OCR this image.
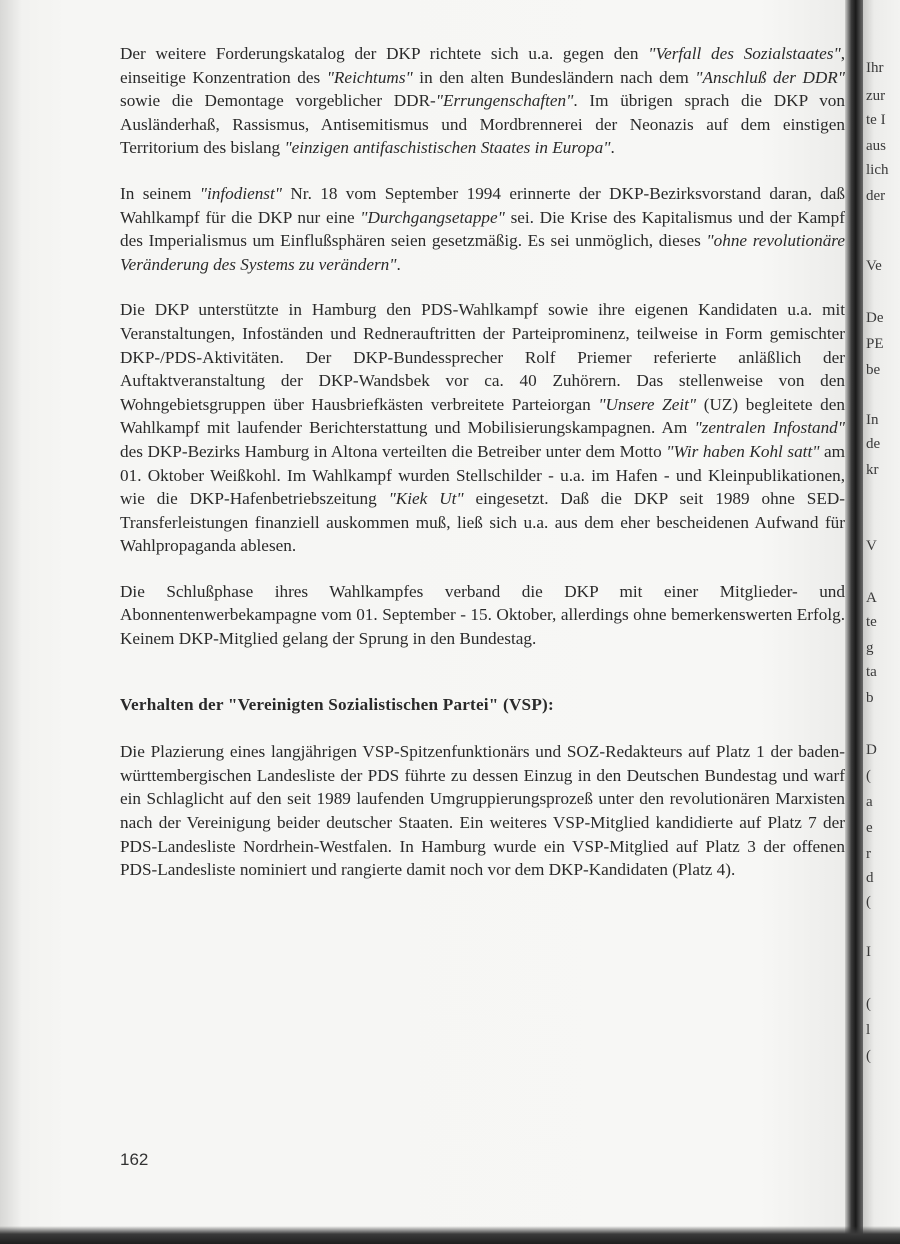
Der weitere Forderungskatalog der DKP richtete sich u.a. gegen den "Verfall des Sozialstaates", einseitige Konzentration des "Reichtums" in den alten Bundesländern nach dem "Anschluß der DDR" sowie die Demontage vorgeblicher DDR-"Errungenschaften". Im übrigen sprach die DKP von Ausländerhaß, Rassismus, Antisemitismus und Mordbrennerei der Neonazis auf dem einstigen Territorium des bislang "einzigen antifaschistischen Staates in Europa".

In seinem "infodienst" Nr. 18 vom September 1994 erinnerte der DKP-Bezirksvorstand daran, daß Wahlkampf für die DKP nur eine "Durchgangsetappe" sei. Die Krise des Kapitalismus und der Kampf des Imperialismus um Einflußsphären seien gesetzmäßig. Es sei unmöglich, dieses "ohne revolutionäre Veränderung des Systems zu verändern".

Die DKP unterstützte in Hamburg den PDS-Wahlkampf sowie ihre eigenen Kandidaten u.a. mit Veranstaltungen, Infoständen und Rednerauftritten der Parteiprominenz, teilweise in Form gemischter DKP-/PDS-Aktivitäten. Der DKP-Bundessprecher Rolf Priemer referierte anläßlich der Auftaktveranstaltung der DKP-Wandsbek vor ca. 40 Zuhörern. Das stellenweise von den Wohngebietsgruppen über Hausbriefkästen verbreitete Parteiorgan "Unsere Zeit" (UZ) begleitete den Wahlkampf mit laufender Berichterstattung und Mobilisierungskampagnen. Am "zentralen Infostand" des DKP-Bezirks Hamburg in Altona verteilten die Betreiber unter dem Motto "Wir haben Kohl satt" am 01. Oktober Weißkohl. Im Wahlkampf wurden Stellschilder - u.a. im Hafen - und Kleinpublikationen, wie die DKP-Hafenbetriebszeitung "Kiek Ut" eingesetzt. Daß die DKP seit 1989 ohne SED-Transferleistungen finanziell auskommen muß, ließ sich u.a. aus dem eher bescheidenen Aufwand für Wahlpropaganda ablesen.

Die Schlußphase ihres Wahlkampfes verband die DKP mit einer Mitglieder- und Abonnentenwerbekampagne vom 01. September - 15. Oktober, allerdings ohne bemerkenswerten Erfolg. Keinem DKP-Mitglied gelang der Sprung in den Bundestag.

Verhalten der "Vereinigten Sozialistischen Partei" (VSP):

Die Plazierung eines langjährigen VSP-Spitzenfunktionärs und SOZ-Redakteurs auf Platz 1 der baden-württembergischen Landesliste der PDS führte zu dessen Einzug in den Deutschen Bundestag und warf ein Schlaglicht auf den seit 1989 laufenden Umgruppierungsprozeß unter den revolutionären Marxisten nach der Vereinigung beider deutscher Staaten. Ein weiteres VSP-Mitglied kandidierte auf Platz 7 der PDS-Landesliste Nordrhein-Westfalen. In Hamburg wurde ein VSP-Mitglied auf Platz 3 der offenen PDS-Landesliste nominiert und rangierte damit noch vor dem DKP-Kandidaten (Platz 4).

162
Ihr
zur
te I
aus
lich
der
Ve
De
PE
be
In
de
kr
V
A
te
g
ta
b
D
(
a
e
r
d
(
I
(
l
(
